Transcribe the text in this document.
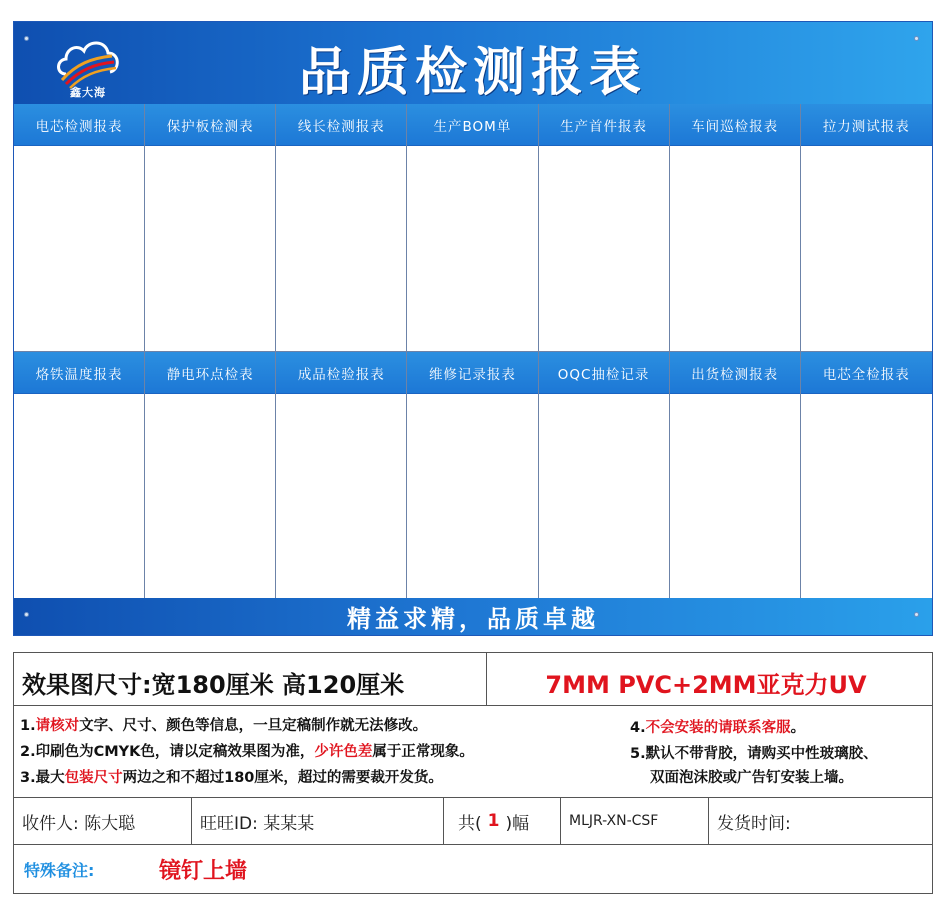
鑫大海	品质检测报表
电芯检测报表	保护板检测表	线长检测报表	生产BOM单	生产首件报表	车间巡检报表	拉力测试报表
烙铁温度报表	静电环点检表	成品检验报表	维修记录报表	OQC抽检记录	出货检测报表	电芯全检报表
精益求精，品质卓越
效果图尺寸:宽180厘米 高120厘米	7MM PVC+2MM亚克力UV
1.请核对文字、尺寸、颜色等信息，一旦定稿制作就无法修改。
2.印刷色为CMYK色，请以定稿效果图为准，少许色差属于正常现象。
3.最大包装尺寸两边之和不超过180厘米，超过的需要裁开发货。
4.不会安装的请联系客服。
5.默认不带背胶，请购买中性玻璃胶、
双面泡沫胶或广告钉安装上墙。
收件人: 陈大聪	旺旺ID: 某某某	共( 1 )幅	MLJR-XN-CSF	发货时间:
特殊备注:	镜钉上墙
